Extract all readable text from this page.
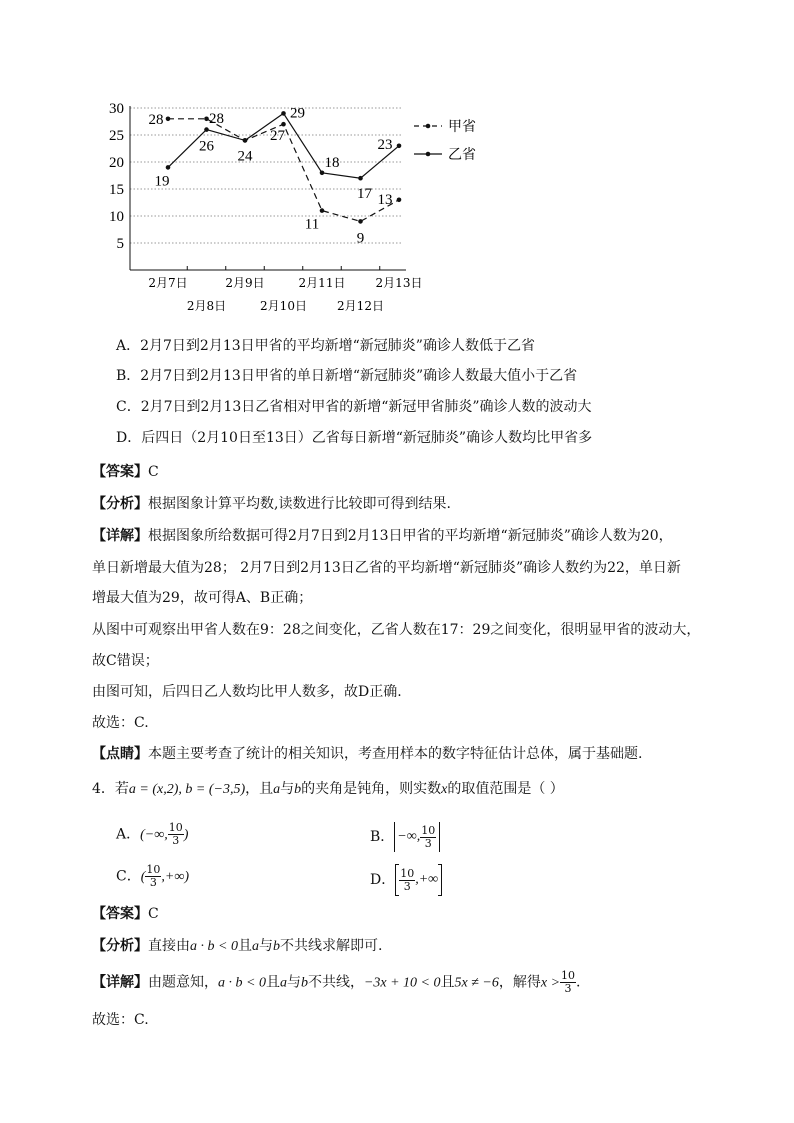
30
25
20
15
10
5
2月7日	2月9日	2月11日	2月13日
2月8日	2月10日	2月12日
28	28
27
11
9
13
19
26
24
29
18
17
23
甲省
乙省
A．2月7日到2月13日甲省的平均新增“新冠肺炎”确诊人数低于乙省
B．2月7日到2月13日甲省的单日新增“新冠肺炎”确诊人数最大值小于乙省
C．2月7日到2月13日乙省相对甲省的新增“新冠甲省肺炎”确诊人数的波动大
D．后四日（2月10日至13日）乙省每日新增“新冠肺炎”确诊人数均比甲省多
【答案】C
【分析】根据图象计算平均数,读数进行比较即可得到结果.
【详解】根据图象所给数据可得2月7日到2月13日甲省的平均新增“新冠肺炎”确诊人数为20，
单日新增最大值为28； 2月7日到2月13日乙省的平均新增“新冠肺炎”确诊人数约为22，单日新
增最大值为29，故可得A、B正确；
从图中可观察出甲省人数在9：28之间变化，乙省人数在17：29之间变化，很明显甲省的波动大，
故C错误；
由图可知，后四日乙人数均比甲人数多，故D正确.
故选：C.
【点睛】本题主要考查了统计的相关知识，考查用样本的数字特征估计总体，属于基础题.
4．若a = (x,2), b = (−3,5)，且a与b的夹角是钝角，则实数x的取值范围是（ ）
A．(−∞, $\frac{10}{3}$ )	B． −∞, $\frac{10}{3}$
C．( $\frac{10}{3}$ ,+∞)	D． $\frac{10}{3}$ ,+∞
【答案】C
【分析】直接由a · b < 0且a与b不共线求解即可.
【详解】由题意知，a · b < 0且a与b不共线，−3x + 10 < 0且5x ≠ −6，解得$x > \frac{10}{3}$ .
故选：C.
